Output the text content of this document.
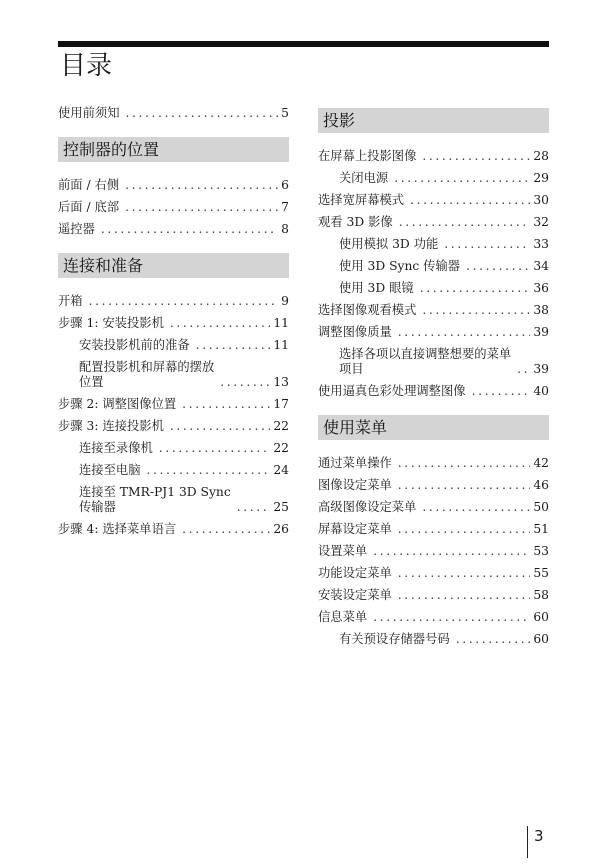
目录
使用前须知 .....	5
控制器的位置
前面 / 右侧 .....	6
后面 / 底部 .....	7
遥控器 .....	8
连接和准备
开箱 .....	9
步骤 1: 安装投影机 .....	11
安装投影机前的准备 .....	11
配置投影机和屏幕的摆放
位置 .....	13
步骤 2: 调整图像位置 .....	17
步骤 3: 连接投影机 .....	22
连接至录像机 .....	22
连接至电脑 .....	24
连接至 TMR-PJ1 3D Sync
传输器 .....	25
步骤 4: 选择菜单语言 .....	26
投影
在屏幕上投影图像 .....	28
关闭电源 .....	29
选择宽屏幕模式 .....	30
观看 3D 影像 .....	32
使用模拟 3D 功能 .....	33
使用 3D Sync 传输器 .....	34
使用 3D 眼镜 .....	36
选择图像观看模式 .....	38
调整图像质量 .....	39
选择各项以直接调整想要的菜单
项目 .....	39
使用逼真色彩处理调整图像 .....	40
使用菜单
通过菜单操作 .....	42
图像设定菜单 .....	46
高级图像设定菜单 .....	50
屏幕设定菜单 .....	51
设置菜单 .....	53
功能设定菜单 .....	55
安装设定菜单 .....	58
信息菜单 .....	60
有关预设存储器号码 .....	60
3
